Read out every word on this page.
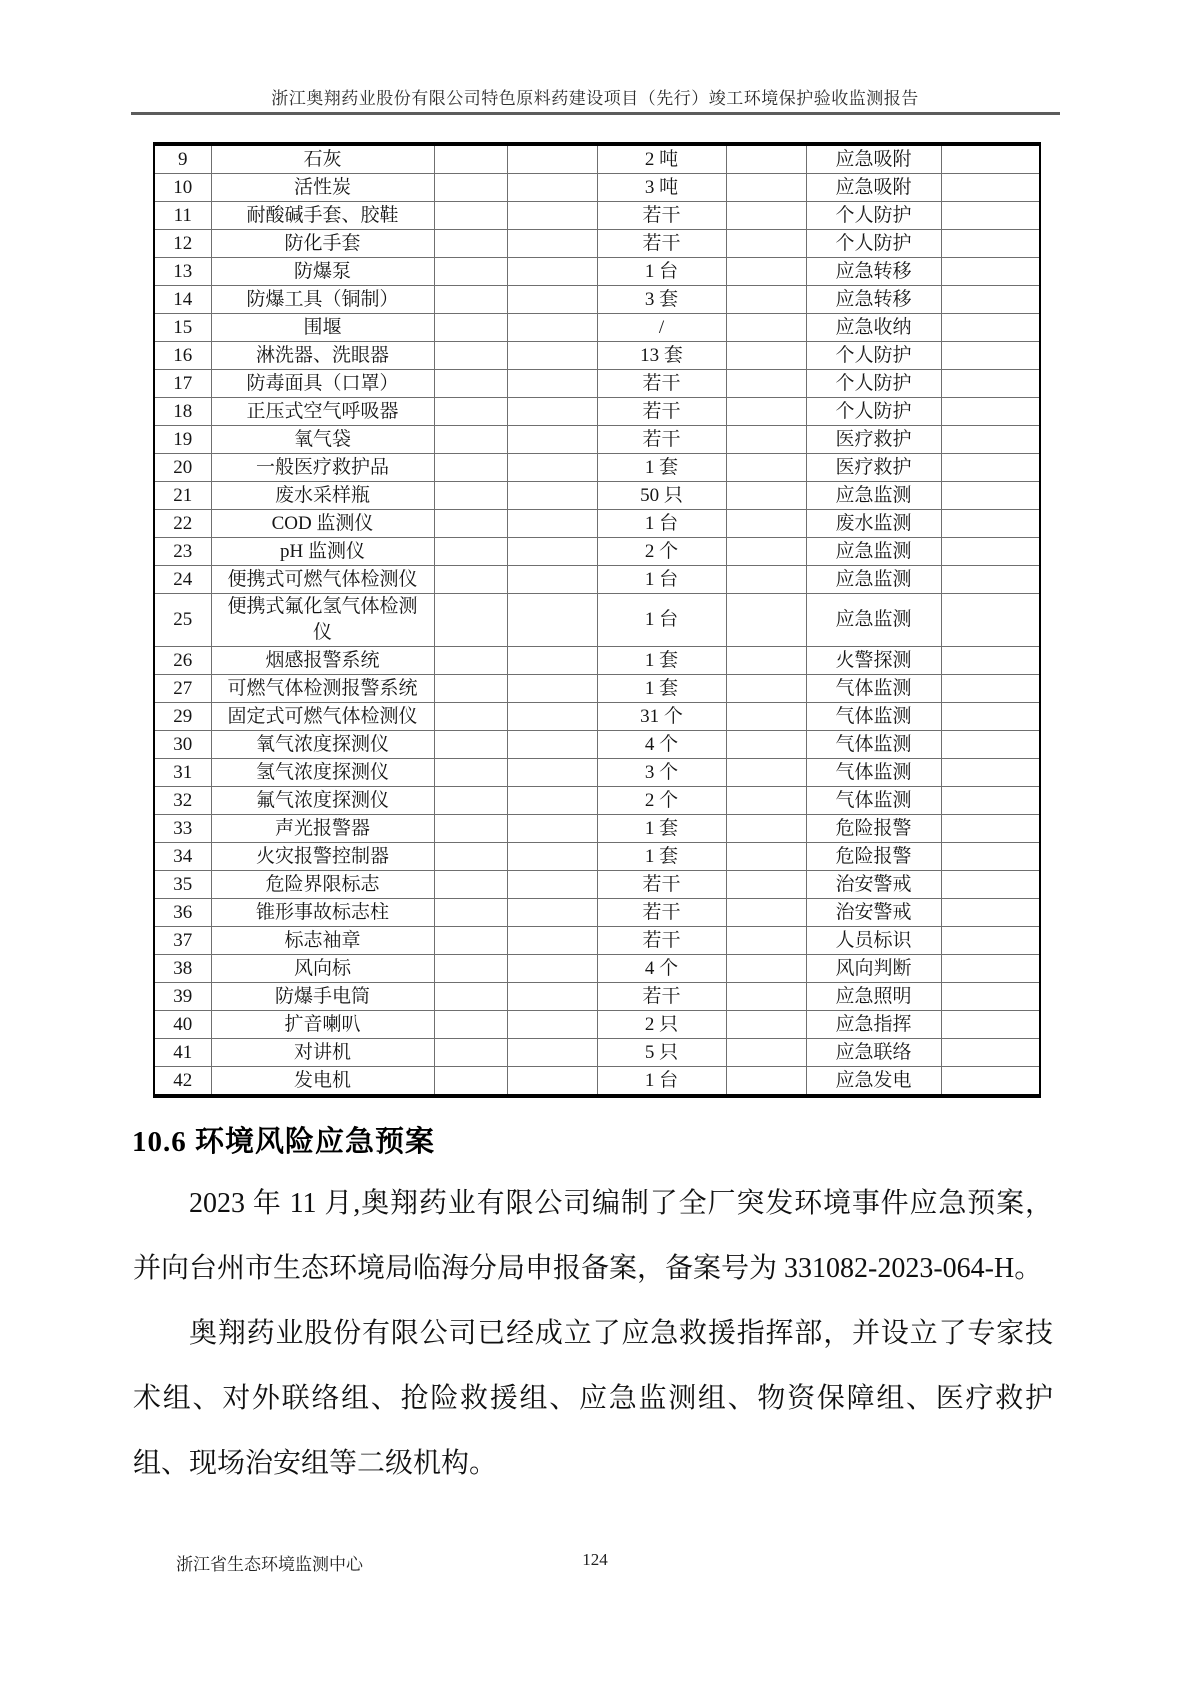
浙江奥翔药业股份有限公司特色原料药建设项目（先行）竣工环境保护验收监测报告
9	石灰			2 吨		应急吸附	
10	活性炭			3 吨		应急吸附	
11	耐酸碱手套、胶鞋			若干		个人防护	
12	防化手套			若干		个人防护	
13	防爆泵			1 台		应急转移	
14	防爆工具（铜制）			3 套		应急转移	
15	围堰			/		应急收纳	
16	淋洗器、洗眼器			13 套		个人防护	
17	防毒面具（口罩）			若干		个人防护	
18	正压式空气呼吸器			若干		个人防护	
19	氧气袋			若干		医疗救护	
20	一般医疗救护品			1 套		医疗救护	
21	废水采样瓶			50 只		应急监测	
22	COD 监测仪			1 台		废水监测	
23	pH 监测仪			2 个		应急监测	
24	便携式可燃气体检测仪			1 台		应急监测	
25	便携式氟化氢气体检测仪			1 台		应急监测	
26	烟感报警系统			1 套		火警探测	
27	可燃气体检测报警系统			1 套		气体监测	
29	固定式可燃气体检测仪			31 个		气体监测	
30	氧气浓度探测仪			4 个		气体监测	
31	氢气浓度探测仪			3 个		气体监测	
32	氟气浓度探测仪			2 个		气体监测	
33	声光报警器			1 套		危险报警	
34	火灾报警控制器			1 套		危险报警	
35	危险界限标志			若干		治安警戒	
36	锥形事故标志柱			若干		治安警戒	
37	标志袖章			若干		人员标识	
38	风向标			4 个		风向判断	
39	防爆手电筒			若干		应急照明	
40	扩音喇叭			2 只		应急指挥	
41	对讲机			5 只		应急联络	
42	发电机			1 台		应急发电	
10.6 环境风险应急预案

2023 年 11 月,奥翔药业有限公司编制了全厂突发环境事件应急预案，并向台州市生态环境局临海分局申报备案，备案号为 331082-2023-064-H。

奥翔药业股份有限公司已经成立了应急救援指挥部，并设立了专家技术组、对外联络组、抢险救援组、应急监测组、物资保障组、医疗救护组、现场治安组等二级机构。

浙江省生态环境监测中心	124
